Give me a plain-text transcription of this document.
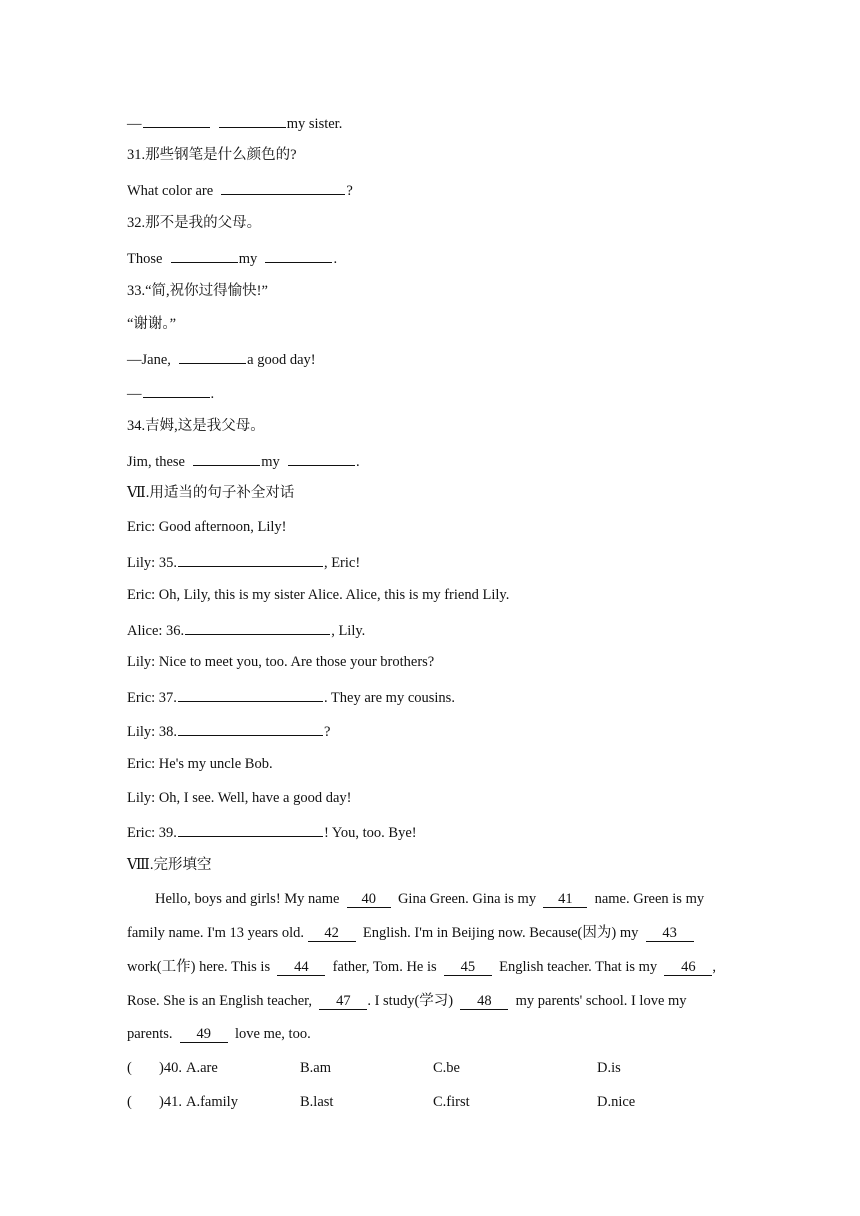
—	my sister.
31.那些钢笔是什么颜色的?
What color are	?
32.那不是我的父母。
Those	my	.
33.“简,祝你过得愉快!”
“谢谢。”
—Jane,	a good day!
—	.
34.吉姆,这是我父母。
Jim, these	my	.
Ⅶ.用适当的句子补全对话
Eric: Good afternoon, Lily!
Lily: 35.	, Eric!
Eric: Oh, Lily, this is my sister Alice. Alice, this is my friend Lily.
Alice: 36.	, Lily.
Lily: Nice to meet you, too. Are those your brothers?
Eric: 37.	. They are my cousins.
Lily: 38.	?
Eric: He's my uncle Bob.
Lily: Oh, I see. Well, have a good day!
Eric: 39.	! You, too. Bye!
Ⅷ.完形填空
Hello, boys and girls! My name  40  Gina Green. Gina is my  41  name. Green is my
family name. I'm 13 years old. 42  English. I'm in Beijing now. Because(因为) my  43
work(工作) here. This is  44  father, Tom. He is  45  English teacher. That is my  46 ,
Rose. She is an English teacher,  47 . I study(学习)  48  my parents' school. I love my
parents.  49  love me, too.
( )40. A.are	B.am	C.be	D.is
( )41. A.family	B.last	C.first	D.nice
